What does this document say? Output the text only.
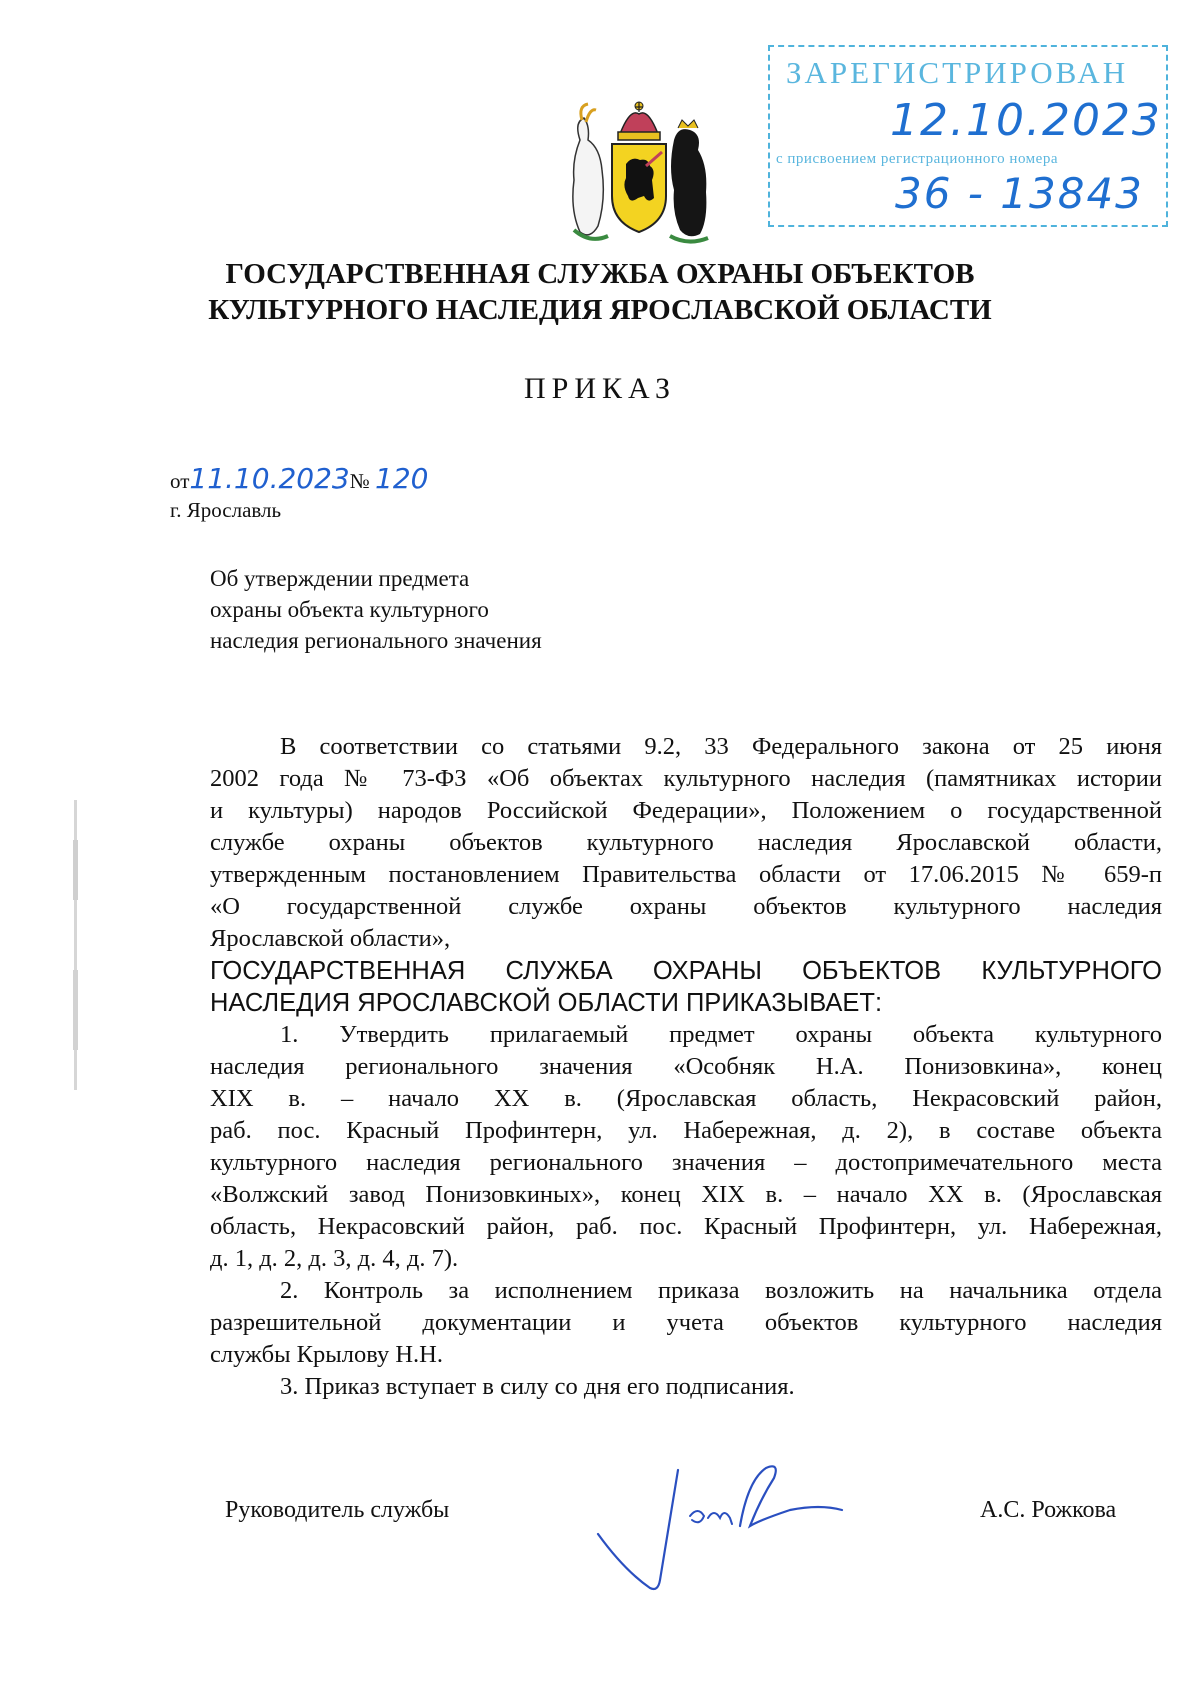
ЗАРЕГИСТРИРОВАН
12.10.2023
с присвоением регистрационного номера
36 - 13843
ГОСУДАРСТВЕННАЯ СЛУЖБА ОХРАНЫ ОБЪЕКТОВ
КУЛЬТУРНОГО НАСЛЕДИЯ ЯРОСЛАВСКОЙ ОБЛАСТИ
ПРИКАЗ
от11.10.2023№ 120
г. Ярославль
Об утверждении предмета
охраны объекта культурного
наследия регионального значения
В соответствии со статьями 9.2, 33 Федерального закона от 25 июня
2002 года № 73-ФЗ «Об объектах культурного наследия (памятниках истории
и культуры) народов Российской Федерации», Положением о государственной
службе охраны объектов культурного наследия Ярославской области,
утвержденным постановлением Правительства области от 17.06.2015 № 659-п
«О государственной службе охраны объектов культурного наследия
Ярославской области»,
ГОСУДАРСТВЕННАЯ СЛУЖБА ОХРАНЫ ОБЪЕКТОВ КУЛЬТУРНОГО
НАСЛЕДИЯ ЯРОСЛАВСКОЙ ОБЛАСТИ ПРИКАЗЫВАЕТ:
1. Утвердить прилагаемый предмет охраны объекта культурного
наследия регионального значения «Особняк Н.А. Понизовкина», конец
XIX в. – начало XX в. (Ярославская область, Некрасовский район,
раб. пос. Красный Профинтерн, ул. Набережная, д. 2), в составе объекта
культурного наследия регионального значения – достопримечательного места
«Волжский завод Понизовкиных», конец XIX в. – начало XX в. (Ярославская
область, Некрасовский район, раб. пос. Красный Профинтерн, ул. Набережная,
д. 1, д. 2, д. 3, д. 4, д. 7).
2. Контроль за исполнением приказа возложить на начальника отдела
разрешительной документации и учета объектов культурного наследия
службы Крылову Н.Н.
3. Приказ вступает в силу со дня его подписания.
Руководитель службы	А.С. Рожкова
